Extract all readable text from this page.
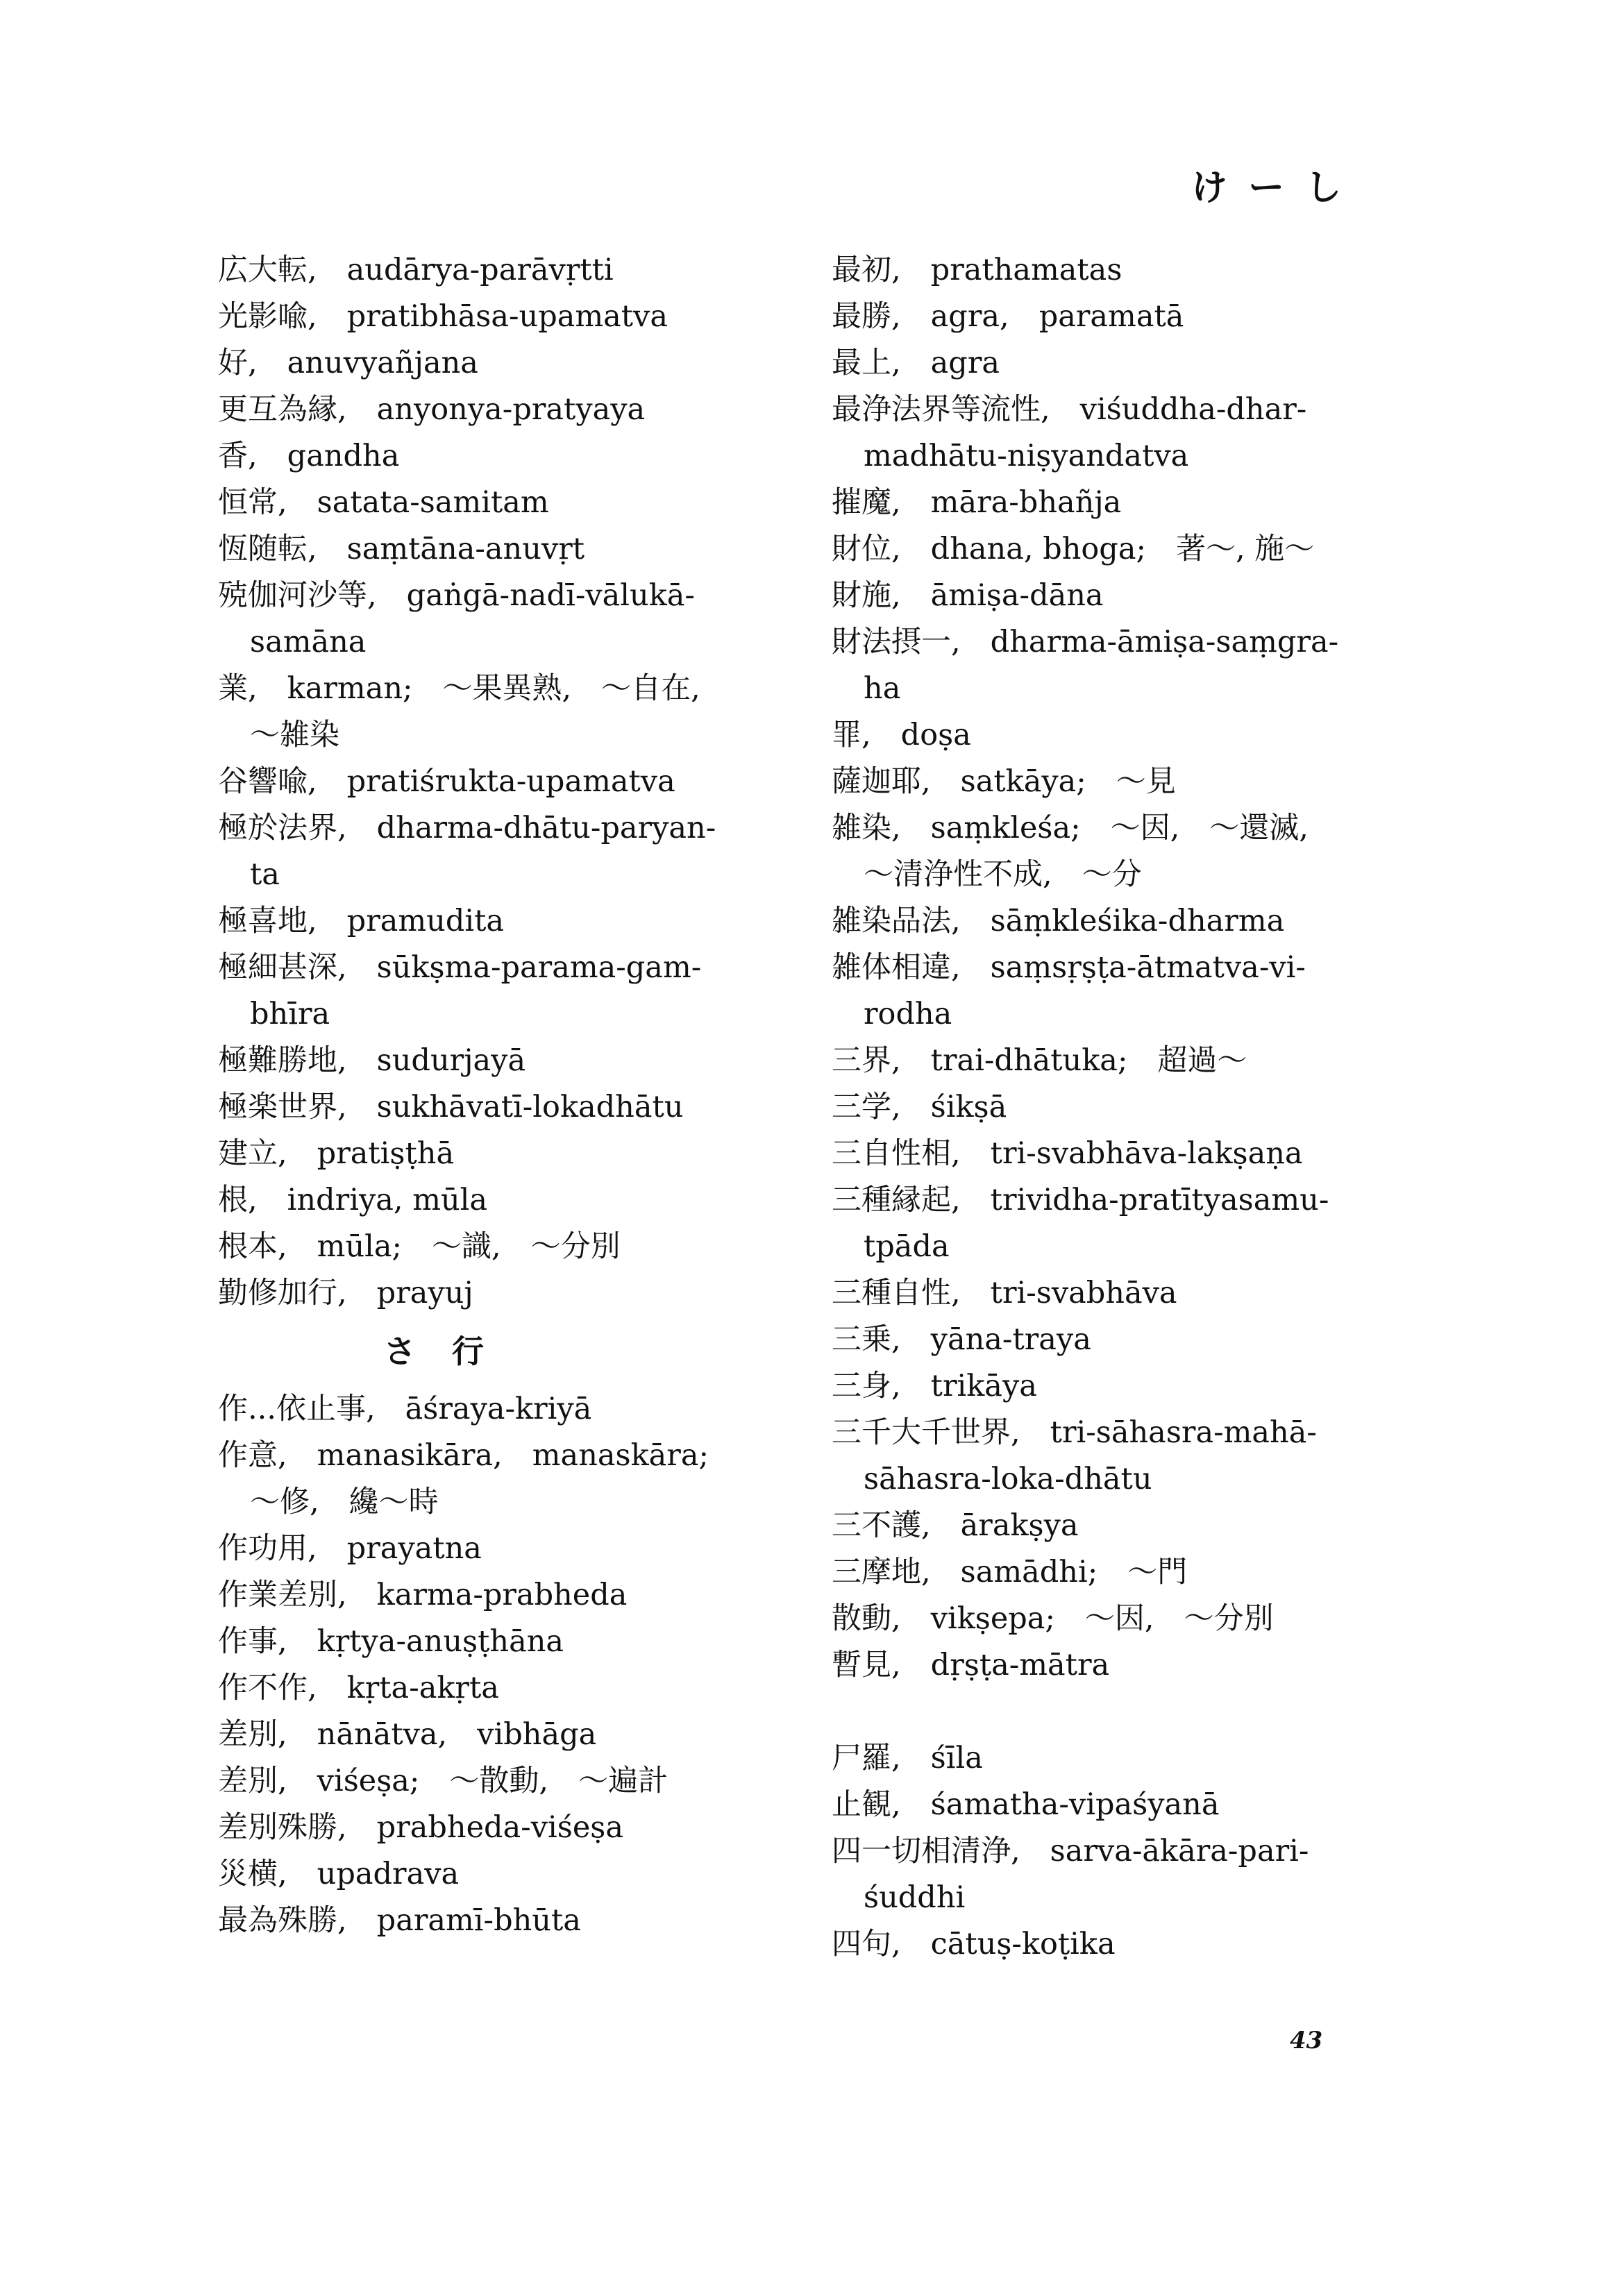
け ー し
広大転,　audārya-parāvṛtti
光影喩,　pratibhāsa-upamatva
好,　anuvyañjana
更互為縁,　anyonya-pratyaya
香,　gandha
恒常,　satata-samitam
恆随転,　saṃtāna-anuvṛt
殑伽河沙等,　gaṅgā-nadī-vālukā-
samāna
業,　karman;　～果異熟,　～自在,
～雑染
谷響喩,　pratiśrukta-upamatva
極於法界,　dharma-dhātu-paryan-
ta
極喜地,　pramudita
極細甚深,　sūkṣma-parama-gam-
bhīra
極難勝地,　sudurjayā
極楽世界,　sukhāvatī-lokadhātu
建立,　pratiṣṭhā
根,　indriya, mūla
根本,　mūla;　～識,　～分別
勤修加行,　prayuj
さ 行
作...依止事,　āśraya-kriyā
作意,　manasikāra,　manaskāra;
～修,　纔～時
作功用,　prayatna
作業差別,　karma-prabheda
作事,　kṛtya-anuṣṭhāna
作不作,　kṛta-akṛta
差別,　nānātva,　vibhāga
差別,　viśeṣa;　～散動,　～遍計
差別殊勝,　prabheda-viśeṣa
災横,　upadrava
最為殊勝,　paramī-bhūta
最初,　prathamatas
最勝,　agra,　paramatā
最上,　agra
最浄法界等流性,　viśuddha-dhar-
madhātu-niṣyandatva
摧魔,　māra-bhañja
財位,　dhana, bhoga;　著～, 施～
財施,　āmiṣa-dāna
財法摂一,　dharma-āmiṣa-saṃgra-
ha
罪,　doṣa
薩迦耶,　satkāya;　～見
雑染,　saṃkleśa;　～因,　～還滅,
～清浄性不成,　～分
雑染品法,　sāṃkleśika-dharma
雑体相違,　saṃsṛṣṭa-ātmatva-vi-
rodha
三界,　trai-dhātuka;　超過～
三学,　śikṣā
三自性相,　tri-svabhāva-lakṣaṇa
三種縁起,　trividha-pratītyasamu-
tpāda
三種自性,　tri-svabhāva
三乗,　yāna-traya
三身,　trikāya
三千大千世界,　tri-sāhasra-mahā-
sāhasra-loka-dhātu
三不護,　ārakṣya
三摩地,　samādhi;　～門
散動,　vikṣepa;　～因,　～分別
暫見,　dṛṣṭa-mātra
尸羅,　śīla
止観,　śamatha-vipaśyanā
四一切相清浄,　sarva-ākāra-pari-
śuddhi
四句,　cātuṣ-koṭika
43
